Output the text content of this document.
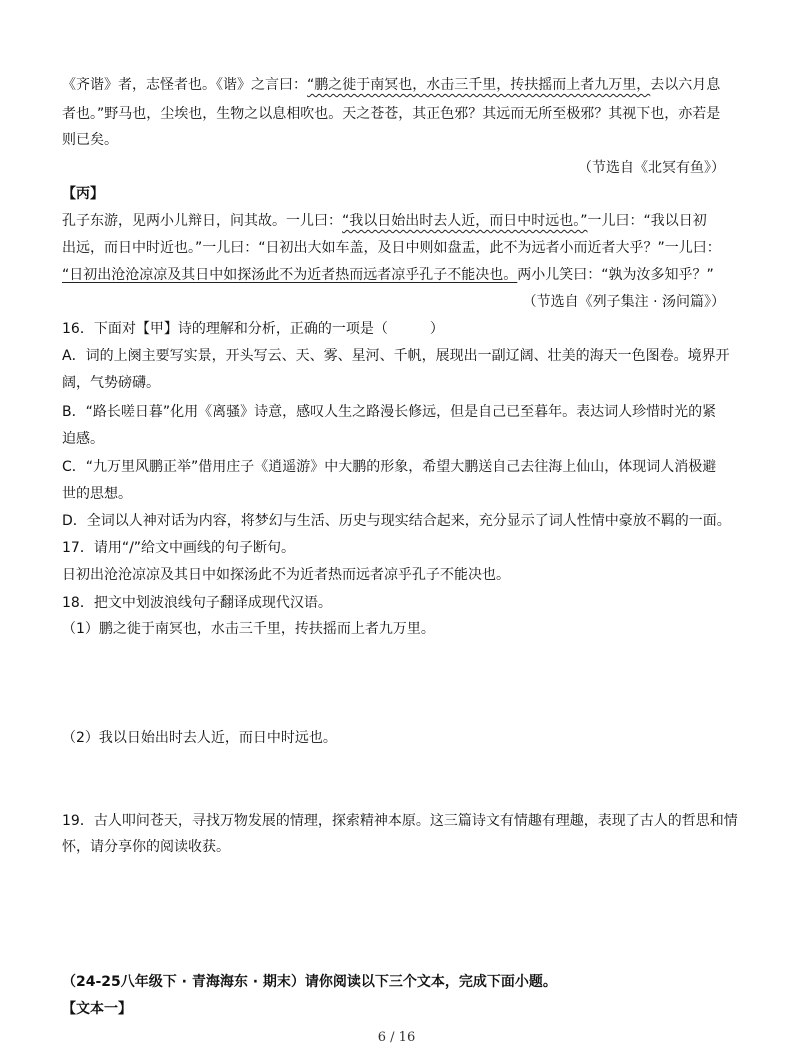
《齐谐》者，志怪者也。《谐》之言曰：“鹏之徙于南冥也，水击三千里，抟扶摇而上者九万里，去以六月息
者也。”野马也，尘埃也，生物之以息相吹也。天之苍苍，其正色邪？其远而无所至极邪？其视下也，亦若是
则已矣。
（节选自《北冥有鱼》）
【丙】
孔子东游，见两小儿辩日，问其故。一儿曰：“我以日始出时去人近，而日中时远也。”一儿曰：“我以日初
出远，而日中时近也。”一儿曰：“日初出大如车盖，及日中则如盘盂，此不为远者小而近者大乎？”一儿曰：
“日初出沧沧凉凉及其日中如探汤此不为近者热而远者凉乎孔子不能决也。两小儿笑曰：“孰为汝多知乎？”
（节选自《列子集注 · 汤问篇》）
16．下面对【甲】诗的理解和分析，正确的一项是（　　　）
A．词的上阕主要写实景，开头写云、天、雾、星河、千帆，展现出一副辽阔、壮美的海天一色图卷。境界开
阔，气势磅礴。
B．“路长嗟日暮”化用《离骚》诗意，感叹人生之路漫长修远，但是自己已至暮年。表达词人珍惜时光的紧
迫感。
C．“九万里风鹏正举”借用庄子《逍遥游》中大鹏的形象，希望大鹏送自己去往海上仙山，体现词人消极避
世的思想。
D．全词以人神对话为内容，将梦幻与生活、历史与现实结合起来，充分显示了词人性情中豪放不羁的一面。
17．请用“/”给文中画线的句子断句。
日初出沧沧凉凉及其日中如探汤此不为近者热而远者凉乎孔子不能决也。
18．把文中划波浪线句子翻译成现代汉语。
（1）鹏之徙于南冥也，水击三千里，抟扶摇而上者九万里。
（2）我以日始出时去人近，而日中时远也。
19．古人叩问苍天，寻找万物发展的情理，探索精神本原。这三篇诗文有情趣有理趣，表现了古人的哲思和情
怀，请分享你的阅读收获。
（24-25八年级下 · 青海海东 · 期末）请你阅读以下三个文本，完成下面小题。
【文本一】
6 / 16
